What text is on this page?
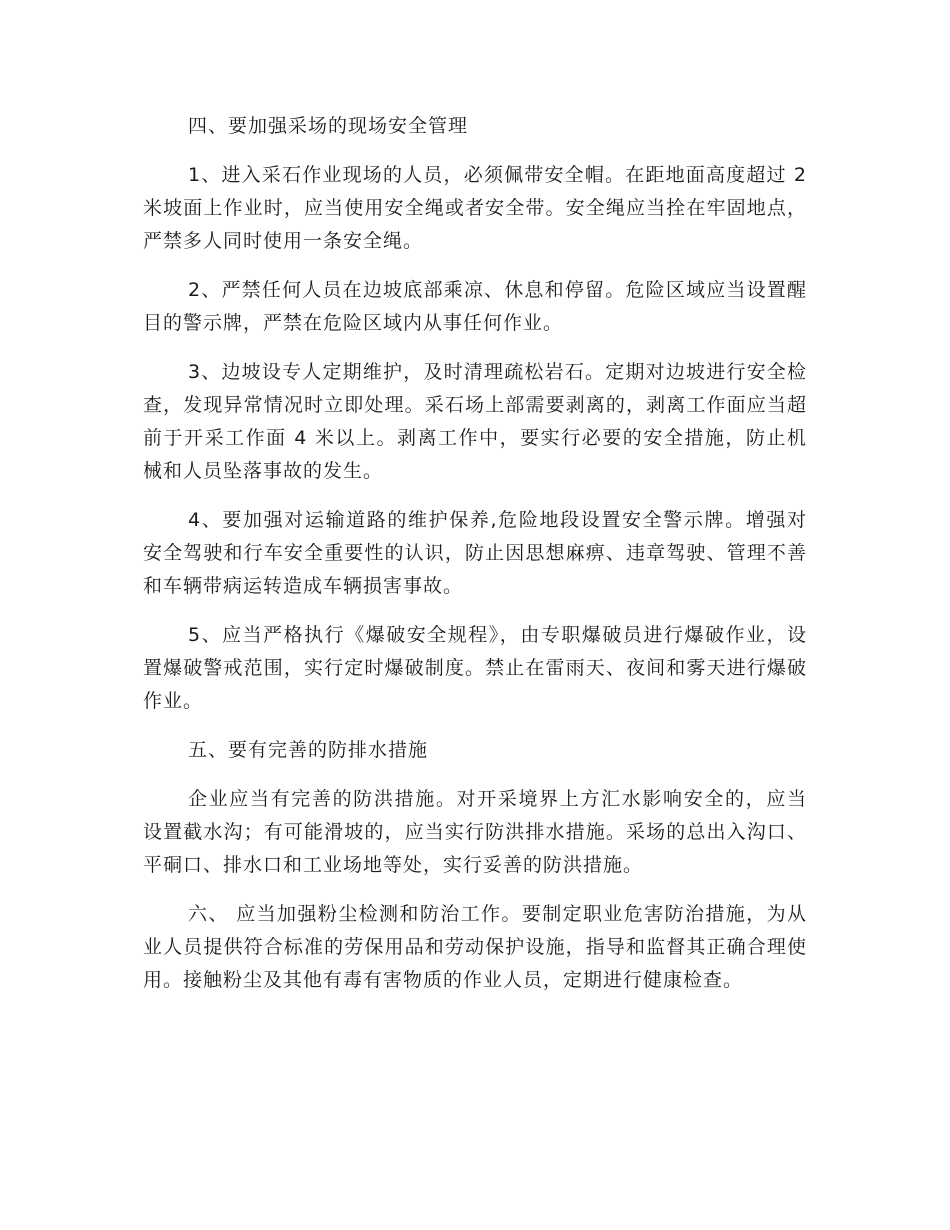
四、要加强采场的现场安全管理

1、进入采石作业现场的人员，必须佩带安全帽。在距地面高度超过 2 米坡面上作业时，应当使用安全绳或者安全带。安全绳应当拴在牢固地点，严禁多人同时使用一条安全绳。

2、严禁任何人员在边坡底部乘凉、休息和停留。危险区域应当设置醒目的警示牌，严禁在危险区域内从事任何作业。

3、边坡设专人定期维护，及时清理疏松岩石。定期对边坡进行安全检查，发现异常情况时立即处理。采石场上部需要剥离的，剥离工作面应当超前于开采工作面 4 米以上。剥离工作中，要实行必要的安全措施，防止机械和人员坠落事故的发生。

4、要加强对运输道路的维护保养,危险地段设置安全警示牌。增强对安全驾驶和行车安全重要性的认识，防止因思想麻痹、违章驾驶、管理不善和车辆带病运转造成车辆损害事故。

5、应当严格执行《爆破安全规程》，由专职爆破员进行爆破作业，设置爆破警戒范围，实行定时爆破制度。禁止在雷雨天、夜间和雾天进行爆破作业。

五、要有完善的防排水措施

企业应当有完善的防洪措施。对开采境界上方汇水影响安全的，应当设置截水沟；有可能滑坡的，应当实行防洪排水措施。采场的总出入沟口、平硐口、排水口和工业场地等处，实行妥善的防洪措施。

六、 应当加强粉尘检测和防治工作。要制定职业危害防治措施，为从业人员提供符合标准的劳保用品和劳动保护设施，指导和监督其正确合理使用。接触粉尘及其他有毒有害物质的作业人员，定期进行健康检查。
